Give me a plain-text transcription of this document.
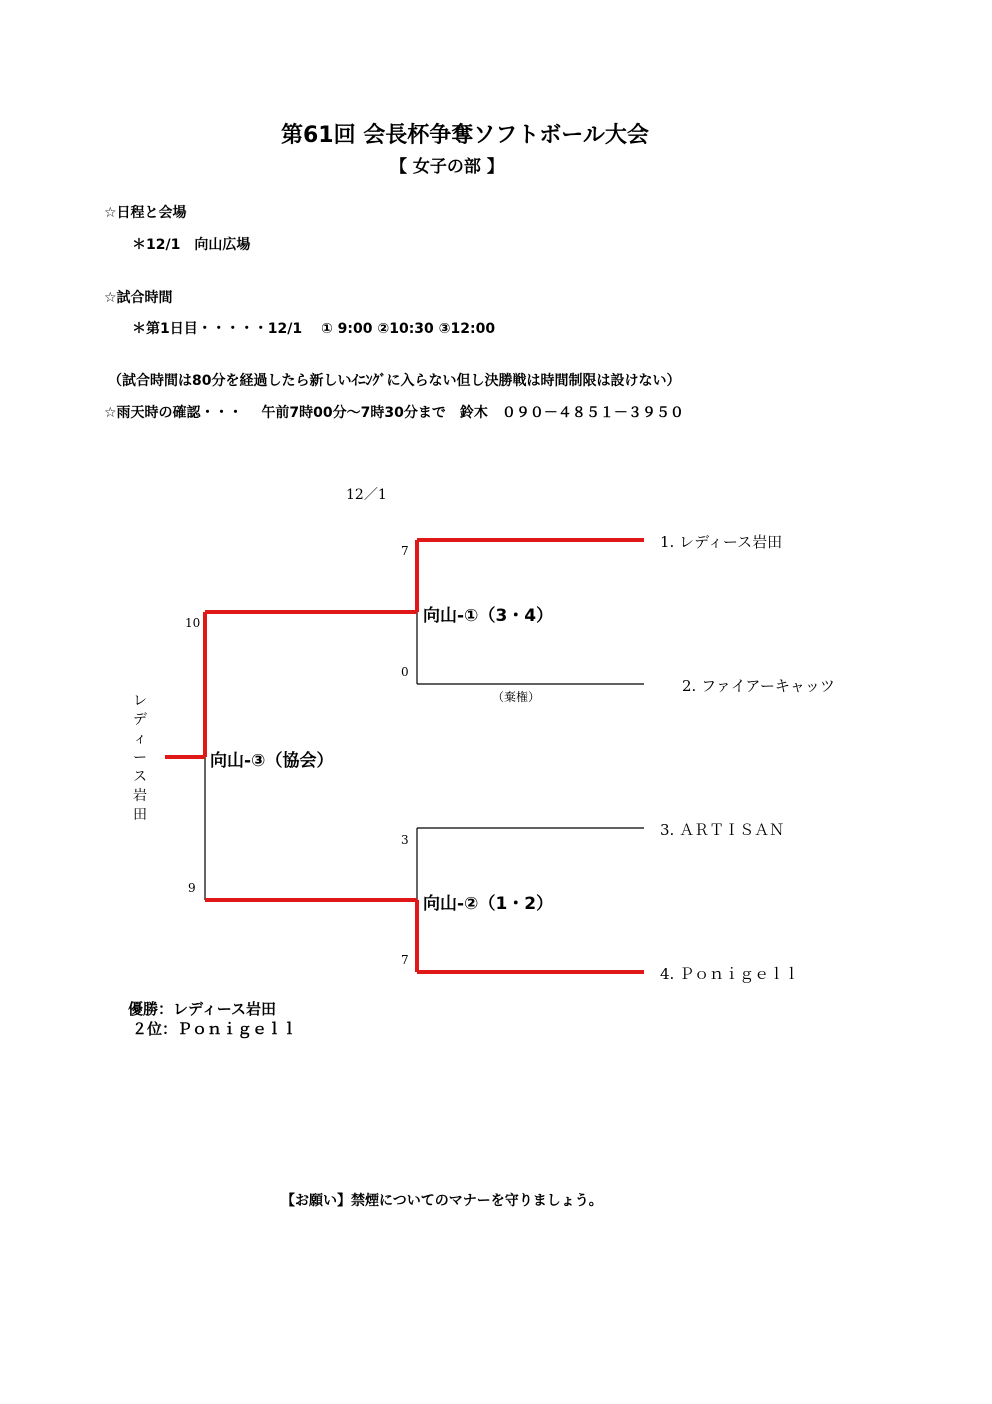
第61回 会長杯争奪ソフトボール大会
【 女子の部 】
☆日程と会場
＊12/1　向山広場
☆試合時間
＊第1日目・・・・・12/1　 ① 9:00 ②10:30 ③12:00
（試合時間は80分を経過したら新しいｲﾆﾝｸﾞに入らない但し決勝戦は時間制限は設けない）
☆雨天時の確認・・・　 午前7時00分～7時30分まで　鈴木　０９０－４８５１－３９５０
12／1
7
0
（棄権）
3
7
10
9
向山-①（3・4）
向山-②（1・2）
向山-③（協会）
1. レディース岩田
2. ファイアーキャッツ
3. ＡＲＴＩＳＡＮ
4. Ｐｏｎｉｇｅｌｌ
レディース岩田
優勝：レディース岩田
２位：Ｐｏｎｉｇｅｌｌ
【お願い】禁煙についてのマナーを守りましょう。
